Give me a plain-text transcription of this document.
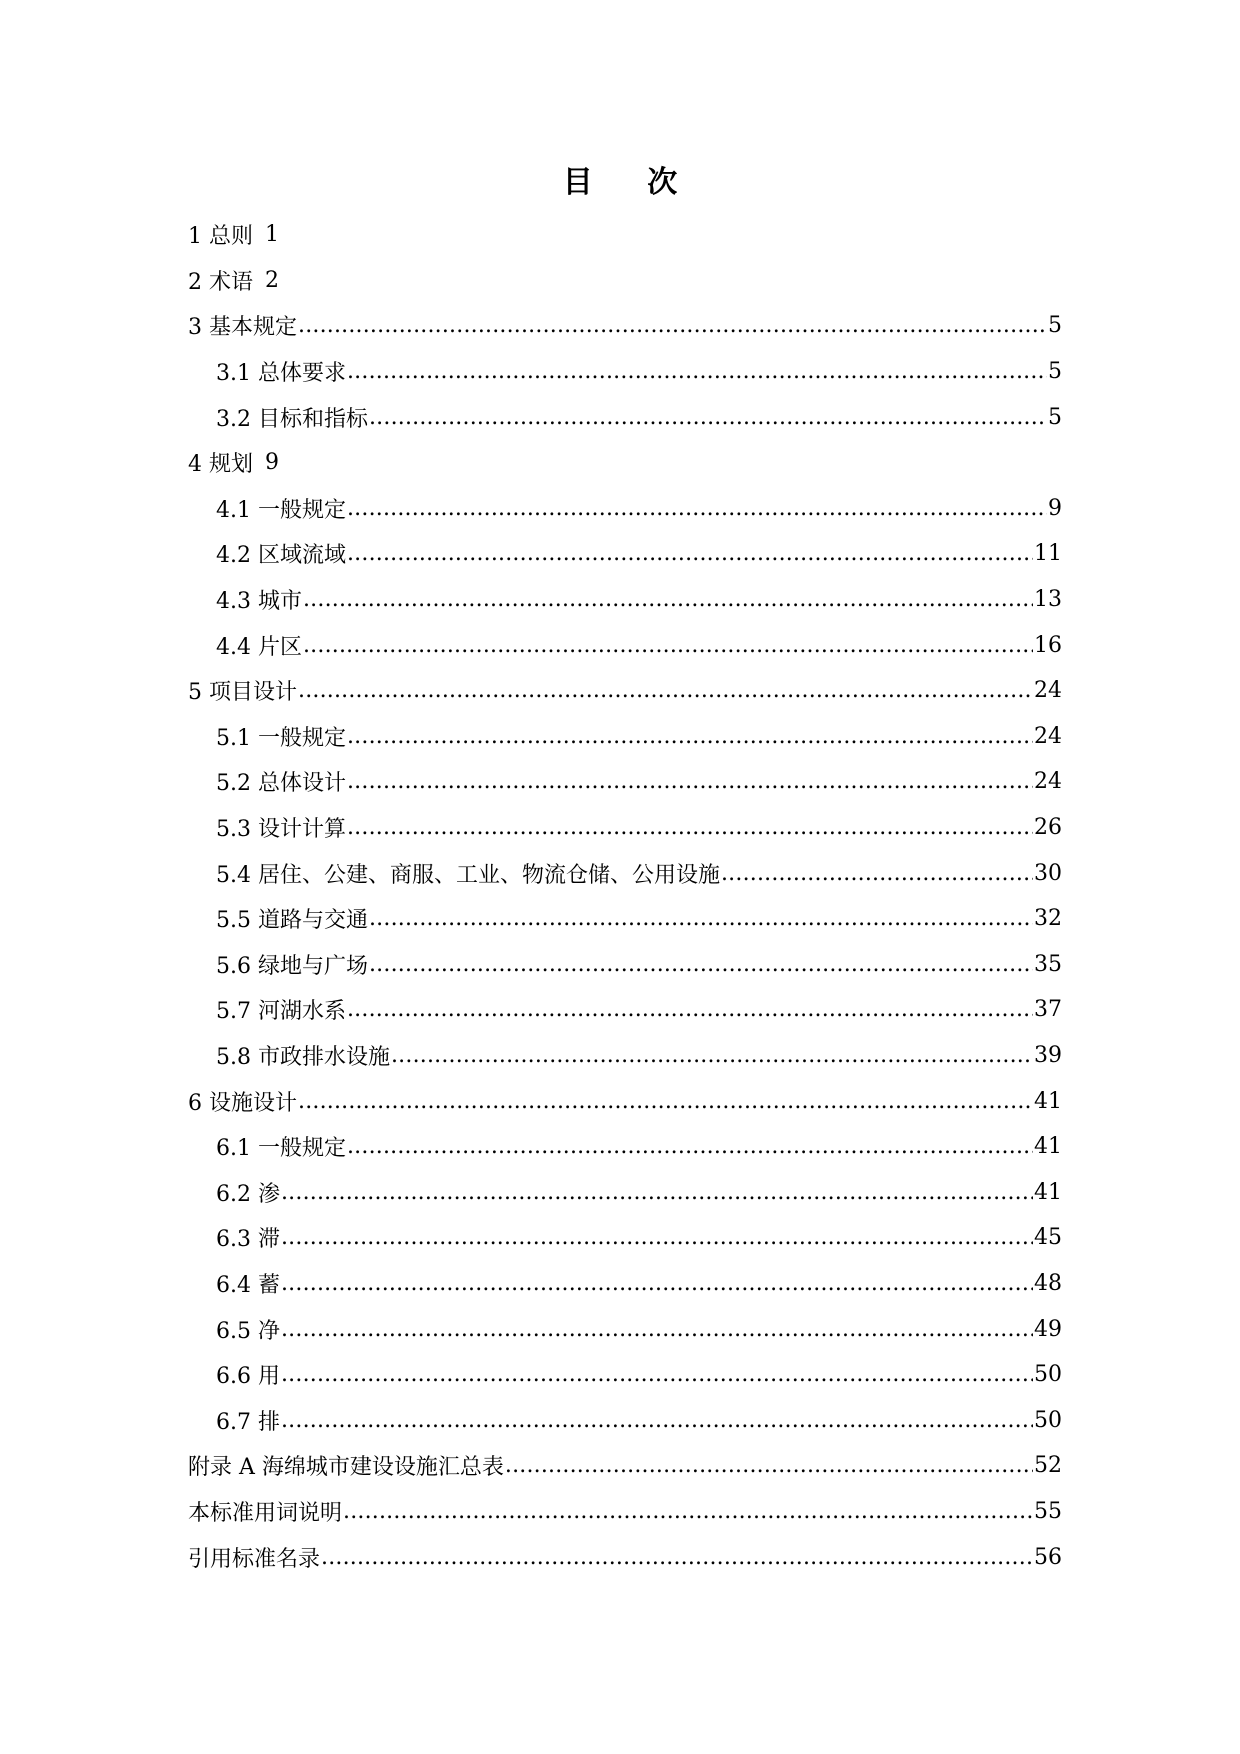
目 次
1 总则 1
2 术语 2
3 基本规定 .....	5
3.1 总体要求 .....	5
3.2 目标和指标 .....	5
4 规划 9
4.1 一般规定 .....	9
4.2 区域流域 .....	11
4.3 城市 .....	13
4.4 片区 .....	16
5 项目设计 .....	24
5.1 一般规定 .....	24
5.2 总体设计 .....	24
5.3 设计计算 .....	26
5.4 居住、公建、商服、工业、物流仓储、公用设施 .....	30
5.5 道路与交通 .....	32
5.6 绿地与广场 .....	35
5.7 河湖水系 .....	37
5.8 市政排水设施 .....	39
6 设施设计 .....	41
6.1 一般规定 .....	41
6.2 渗 .....	41
6.3 滞 .....	45
6.4 蓄 .....	48
6.5 净 .....	49
6.6 用 .....	50
6.7 排 .....	50
附录 A 海绵城市建设设施汇总表 .....	52
本标准用词说明 .....	55
引用标准名录 .....	56
